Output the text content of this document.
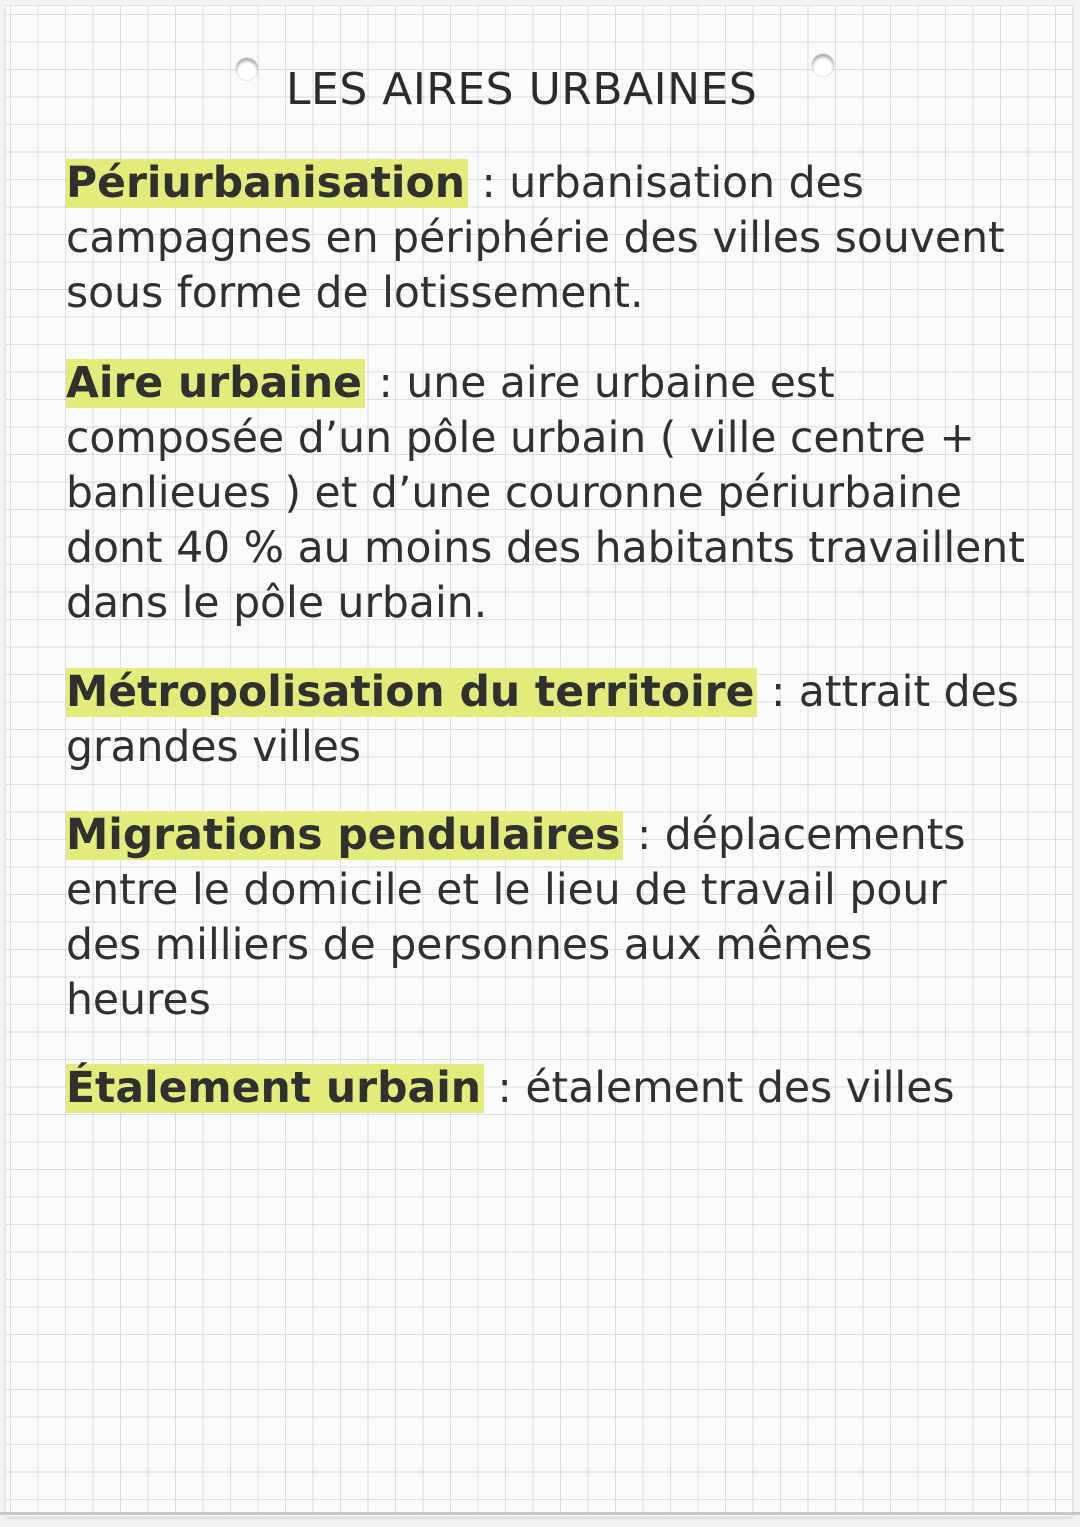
LES AIRES URBAINES
Périurbanisation : urbanisation des campagnes en périphérie des villes souvent sous forme de lotissement.
Aire urbaine : une aire urbaine est composée d’un pôle urbain ( ville centre + banlieues ) et d’une couronne périurbaine dont 40 % au moins des habitants travaillent dans le pôle urbain.
Métropolisation du territoire : attrait des grandes villes
Migrations pendulaires : déplacements entre le domicile et le lieu de travail pour des milliers de personnes aux mêmes heures
Étalement urbain : étalement des villes
